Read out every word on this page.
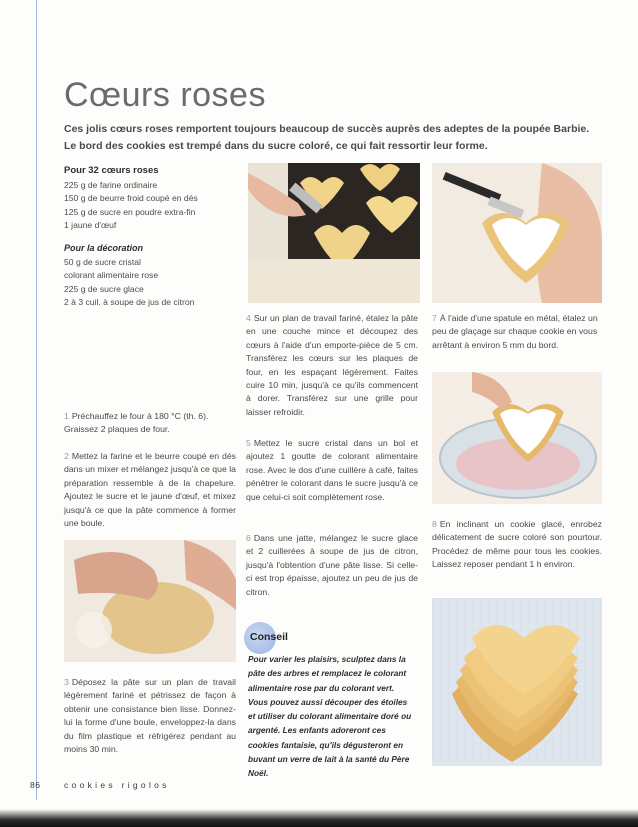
Cœurs roses

Ces jolis cœurs roses remportent toujours beaucoup de succès auprès des adeptes de la poupée Barbie. Le bord des cookies est trempé dans du sucre coloré, ce qui fait ressortir leur forme.

Pour 32 cœurs roses
225 g de farine ordinaire
150 g de beurre froid coupé en dés
125 g de sucre en poudre extra-fin
1 jaune d'œuf
Pour la décoration
50 g de sucre cristal
colorant alimentaire rose
225 g de sucre glace
2 à 3 cuil. à soupe de jus de citron

4 Sur un plan de travail fariné, étalez la pâte en une couche mince et découpez des cœurs à l'aide d'un emporte-pièce de 5 cm. Transférez les cœurs sur les plaques de four, en les espaçant légèrement. Faites cuire 10 min, jusqu'à ce qu'ils commencent à dorer. Transférez sur une grille pour laisser refroidir.

7 À l'aide d'une spatule en métal, étalez un peu de glaçage sur chaque cookie en vous arrêtant à environ 5 mm du bord.

1 Préchauffez le four à 180 °C (th. 6). Graissez 2 plaques de four.

5 Mettez le sucre cristal dans un bol et ajoutez 1 goutte de colorant alimentaire rose. Avec le dos d'une cuillère à café, faites pénétrer le colorant dans le sucre jusqu'à ce que celui-ci soit complètement rose.

2 Mettez la farine et le beurre coupé en dés dans un mixer et mélangez jusqu'à ce que la préparation ressemble à de la chapelure. Ajoutez le sucre et le jaune d'œuf, et mixez jusqu'à ce que la pâte commence à former une boule.	8 En inclinant un cookie glacé, enrobez délicatement de sucre coloré son pourtour. Procédez de même pour tous les cookies. Laissez reposer pendant 1 h environ.

6 Dans une jatte, mélangez le sucre glace et 2 cuillerées à soupe de jus de citron, jusqu'à l'obtention d'une pâte lisse. Si celle-ci est trop épaisse, ajoutez un peu de jus de citron.

Conseil

Pour varier les plaisirs, sculptez dans la pâte des arbres et remplacez le colorant alimentaire rose par du colorant vert. Vous pouvez aussi découper des étoiles et utiliser du colorant alimentaire doré ou argenté. Les enfants adoreront ces cookies fantaisie, qu'ils dégusteront en buvant un verre de lait à la santé du Père Noël.

3 Déposez la pâte sur un plan de travail légèrement fariné et pétrissez de façon à obtenir une consistance bien lisse. Donnez-lui la forme d'une boule, enveloppez-la dans du film plastique et réfrigérez pendant au moins 30 min.

86	cookies rigolos
